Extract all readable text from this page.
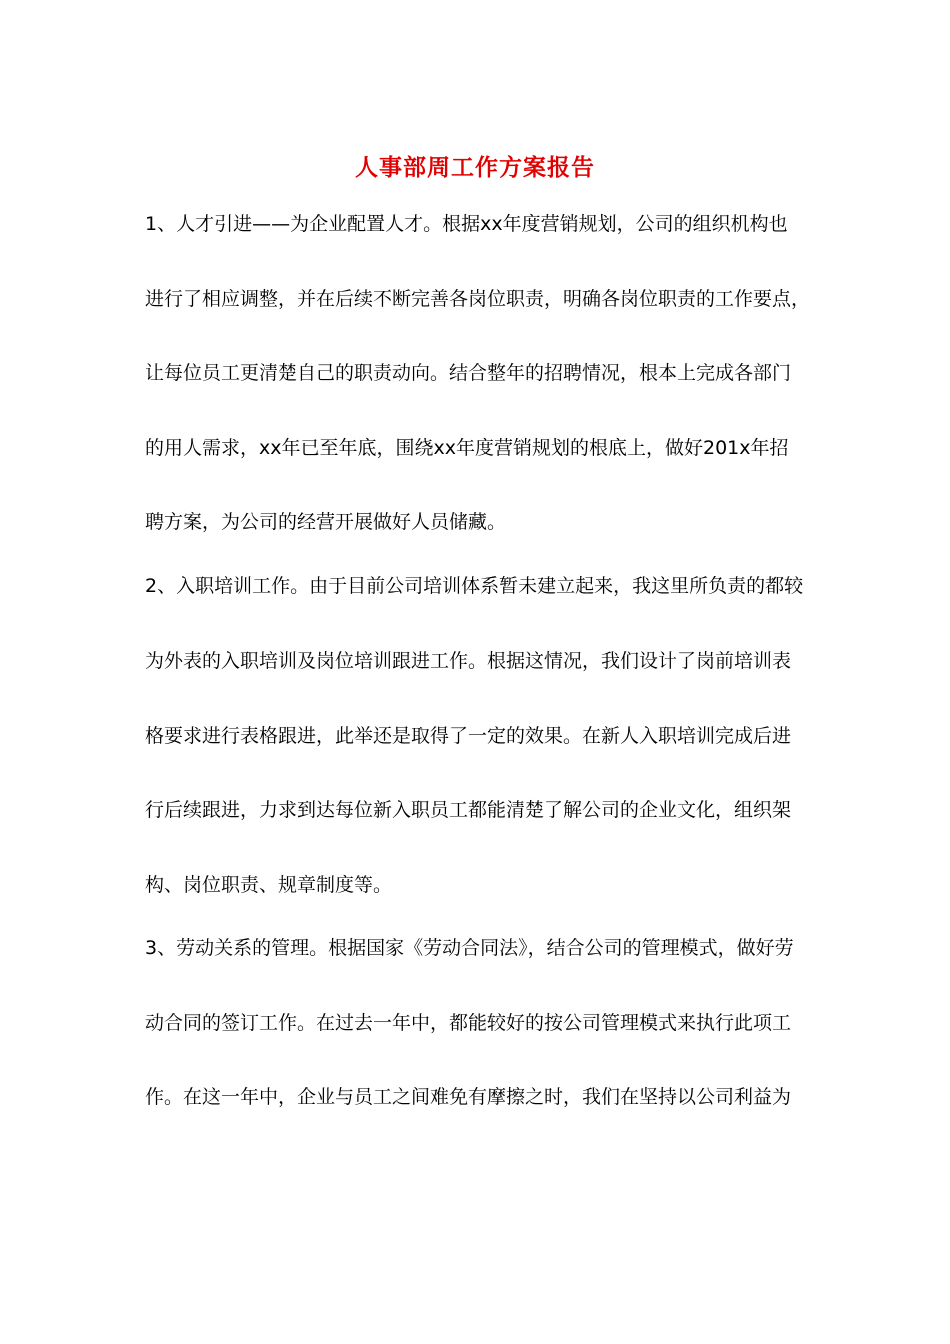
人事部周工作方案报告
1、人才引进——为企业配置人才。根据xx年度营销规划，公司的组织机构也
进行了相应调整，并在后续不断完善各岗位职责，明确各岗位职责的工作要点，
让每位员工更清楚自己的职责动向。结合整年的招聘情况，根本上完成各部门
的用人需求，xx年已至年底，围绕xx年度营销规划的根底上，做好201x年招
聘方案，为公司的经营开展做好人员储藏。
2、入职培训工作。由于目前公司培训体系暂未建立起来，我这里所负责的都较
为外表的入职培训及岗位培训跟进工作。根据这情况，我们设计了岗前培训表
格要求进行表格跟进，此举还是取得了一定的效果。在新人入职培训完成后进
行后续跟进，力求到达每位新入职员工都能清楚了解公司的企业文化，组织架
构、岗位职责、规章制度等。
3、劳动关系的管理。根据国家《劳动合同法》，结合公司的管理模式，做好劳
动合同的签订工作。在过去一年中，都能较好的按公司管理模式来执行此项工
作。在这一年中，企业与员工之间难免有摩擦之时，我们在坚持以公司利益为
